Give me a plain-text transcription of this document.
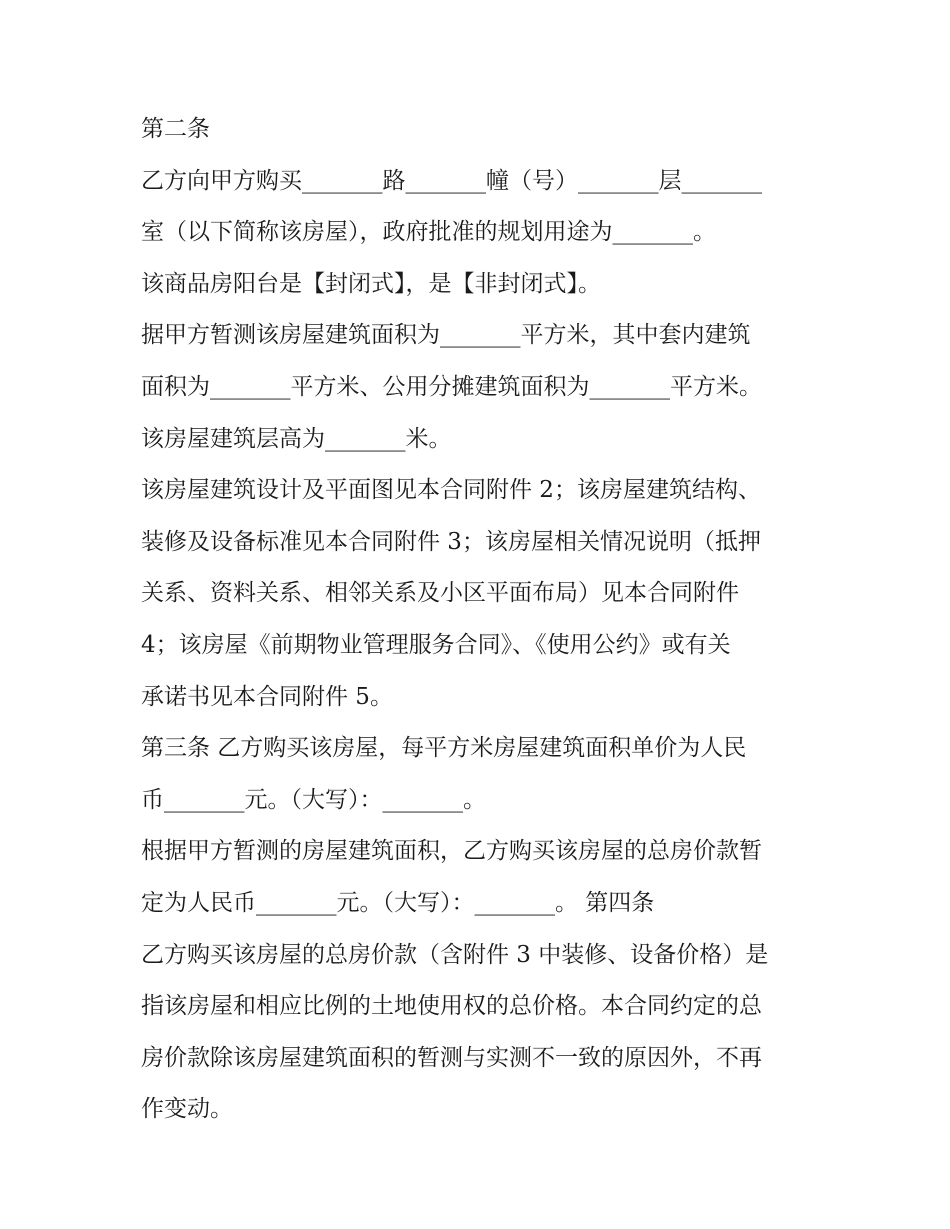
第二条
乙方向甲方购买_______路_______幢（号）_______层_______
室（以下简称该房屋），政府批准的规划用途为_______。
该商品房阳台是【封闭式】，是【非封闭式】。
据甲方暂测该房屋建筑面积为_______平方米，其中套内建筑
面积为_______平方米、公用分摊建筑面积为_______平方米。
该房屋建筑层高为_______米。
该房屋建筑设计及平面图见本合同附件 2；该房屋建筑结构、
装修及设备标准见本合同附件 3；该房屋相关情况说明（抵押
关系、资料关系、相邻关系及小区平面布局）见本合同附件
4；该房屋《前期物业管理服务合同》、《使用公约》或有关
承诺书见本合同附件 5。
第三条 乙方购买该房屋，每平方米房屋建筑面积单价为人民
币_______元。（大写）：_______。
根据甲方暂测的房屋建筑面积，乙方购买该房屋的总房价款暂
定为人民币_______元。（大写）：_______。 第四条
乙方购买该房屋的总房价款（含附件 3 中装修、设备价格）是
指该房屋和相应比例的土地使用权的总价格。本合同约定的总
房价款除该房屋建筑面积的暂测与实测不一致的原因外，不再
作变动。
